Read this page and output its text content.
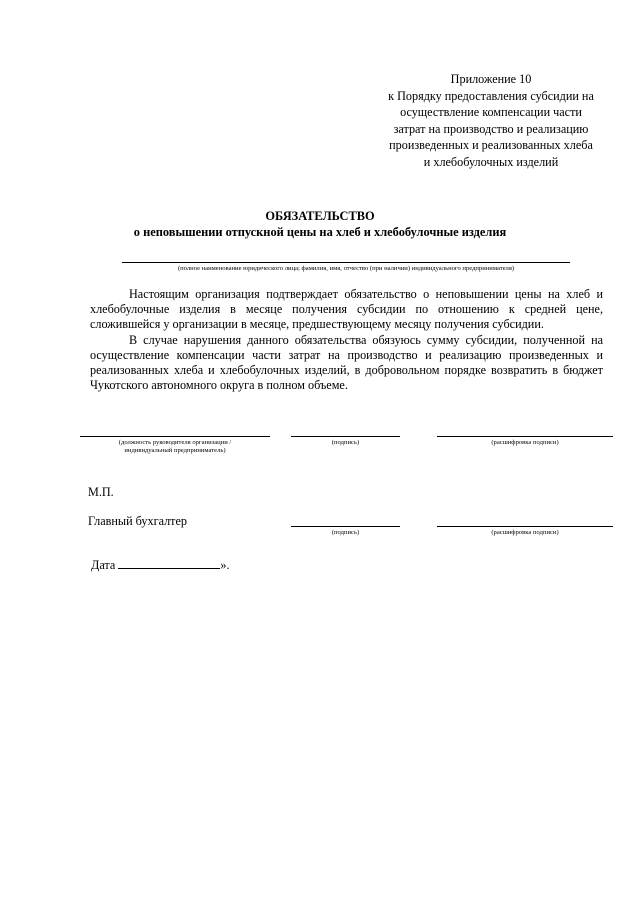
Приложение 10
к Порядку предоставления субсидии на
осуществление компенсации части
затрат на производство и реализацию
произведенных и реализованных хлеба
и хлебобулочных изделий
ОБЯЗАТЕЛЬСТВО
о неповышении отпускной цены на хлеб и хлебобулочные изделия
(полное наименование юридического лица; фамилия, имя, отчество (при наличии) индивидуального предпринимателя)

Настоящим организация подтверждает обязательство о неповышении цены на хлеб и хлебобулочные изделия в месяце получения субсидии по отношению к средней цене, сложившейся у организации в месяце, предшествующему месяцу получения субсидии.

В случае нарушения данного обязательства обязуюсь сумму субсидии, полученной на осуществление компенсации части затрат на производство и реализацию произведенных и реализованных хлеба и хлебобулочных изделий, в добровольном порядке возвратить в бюджет Чукотского автономного округа в полном объеме.

(должность руководителя организации /
индивидуальный предприниматель)
(подпись)	(расшифровка подписи)
М.П.
Главный бухгалтер
(подпись)	(расшифровка подписи)
Дата	».
